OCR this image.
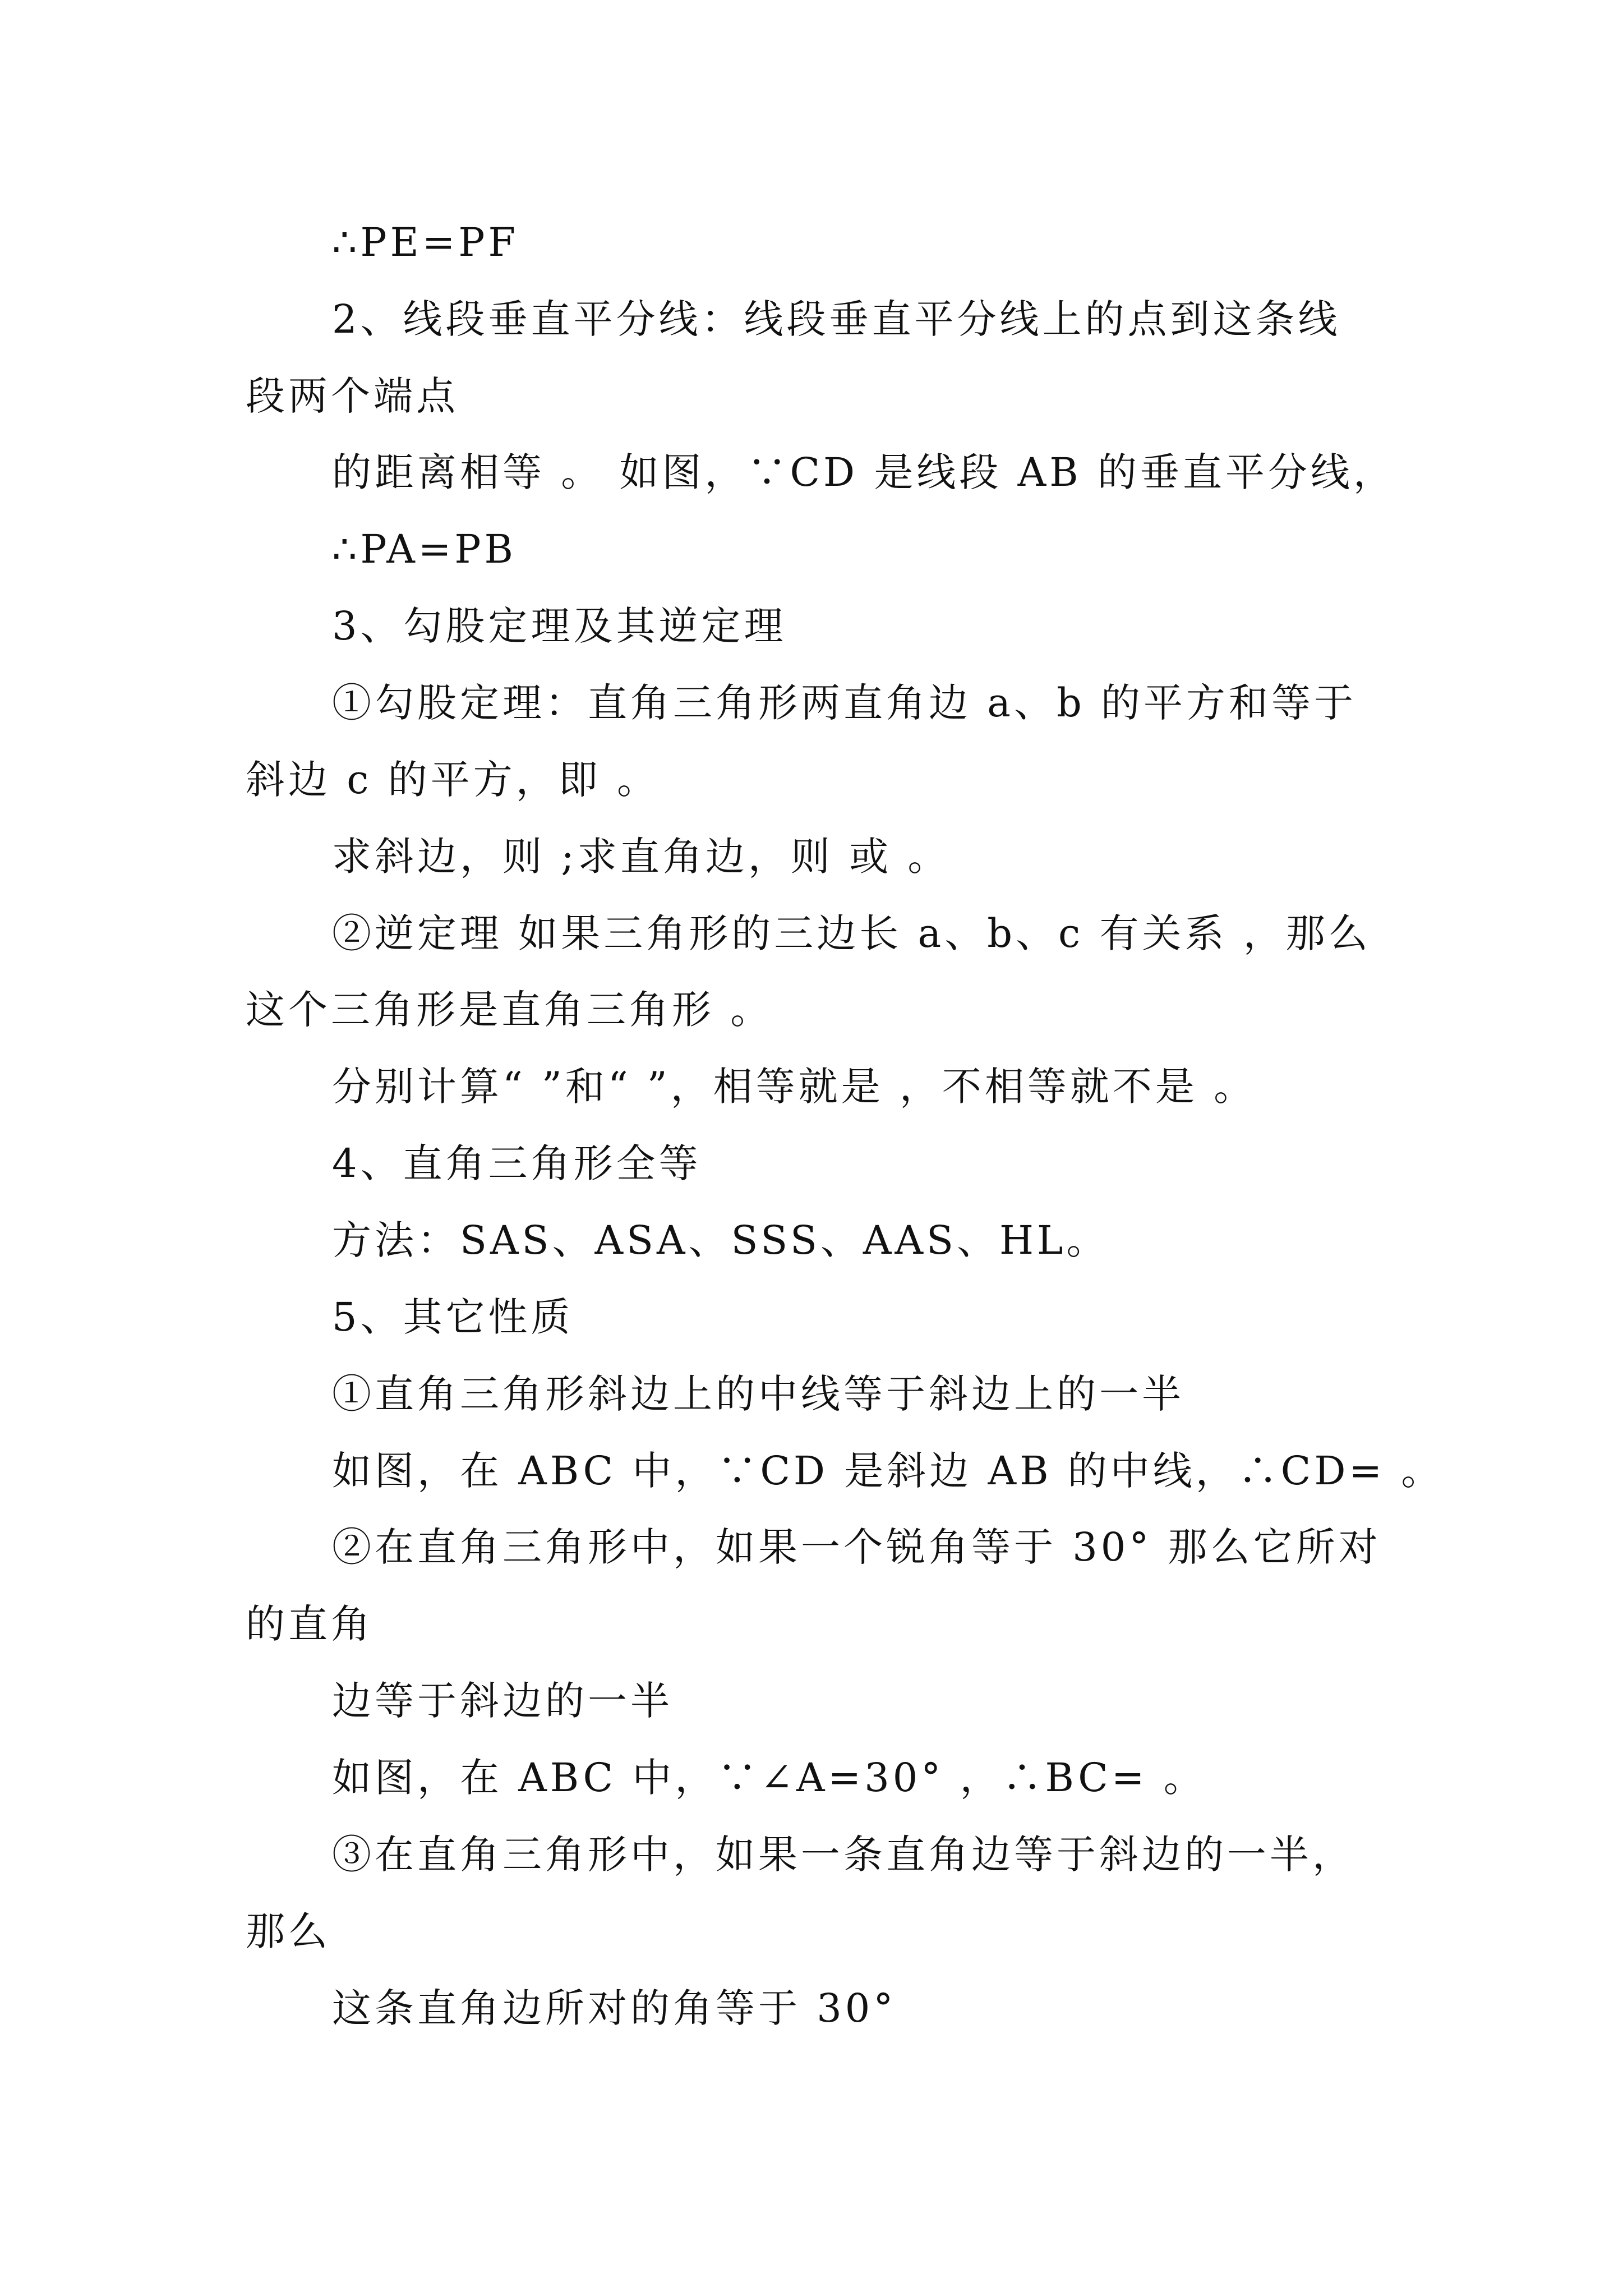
∴PE=PF
2、线段垂直平分线：线段垂直平分线上的点到这条线
段两个端点
的距离相等 。 如图，∵CD 是线段 AB 的垂直平分线，
∴PA=PB
3、勾股定理及其逆定理
①勾股定理：直角三角形两直角边 a、b 的平方和等于
斜边 c 的平方，即 。
求斜边，则 ;求直角边，则 或 。
②逆定理 如果三角形的三边长 a、b、c 有关系 ，那么
这个三角形是直角三角形 。
分别计算“ ”和“ ”，相等就是 ，不相等就不是 。
4、直角三角形全等
方法：SAS、ASA、SSS、AAS、HL。
5、其它性质
①直角三角形斜边上的中线等于斜边上的一半
如图，在 ABC 中，∵CD 是斜边 AB 的中线，∴CD= 。
②在直角三角形中，如果一个锐角等于 30° 那么它所对
的直角
边等于斜边的一半
如图，在 ABC 中，∵∠A=30° ，∴BC= 。
③在直角三角形中，如果一条直角边等于斜边的一半，
那么
这条直角边所对的角等于 30°
